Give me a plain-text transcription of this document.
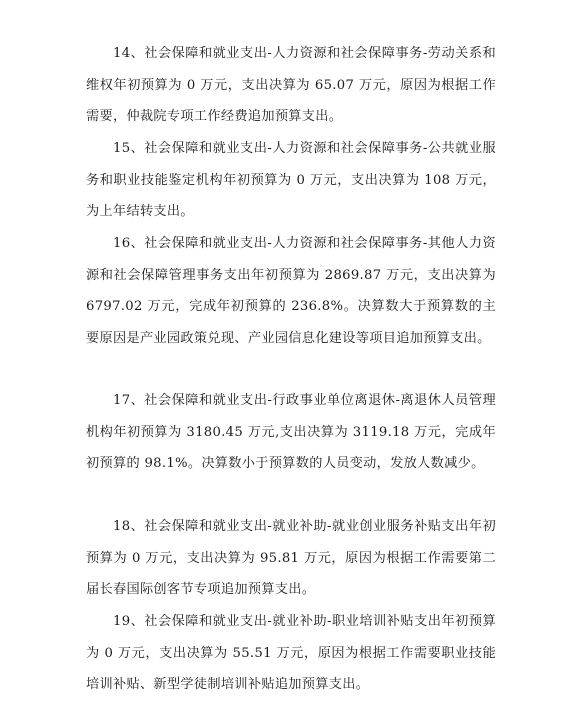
14、社会保障和就业支出-人力资源和社会保障事务-劳动关系和维权年初预算为 0 万元，支出决算为 65.07 万元，原因为根据工作需要，仲裁院专项工作经费追加预算支出。

15、社会保障和就业支出-人力资源和社会保障事务-公共就业服务和职业技能鉴定机构年初预算为 0 万元，支出决算为 108 万元，为上年结转支出。

16、社会保障和就业支出-人力资源和社会保障事务-其他人力资源和社会保障管理事务支出年初预算为 2869.87 万元，支出决算为 6797.02 万元，完成年初预算的 236.8%。决算数大于预算数的主要原因是产业园政策兑现、产业园信息化建设等项目追加预算支出。

17、社会保障和就业支出-行政事业单位离退休-离退休人员管理机构年初预算为 3180.45 万元,支出决算为 3119.18 万元，完成年初预算的 98.1%。决算数小于预算数的人员变动，发放人数减少。

18、社会保障和就业支出-就业补助-就业创业服务补贴支出年初预算为 0 万元，支出决算为 95.81 万元，原因为根据工作需要第二届长春国际创客节专项追加预算支出。

19、社会保障和就业支出-就业补助-职业培训补贴支出年初预算为 0 万元，支出决算为 55.51 万元，原因为根据工作需要职业技能培训补贴、新型学徒制培训补贴追加预算支出。
